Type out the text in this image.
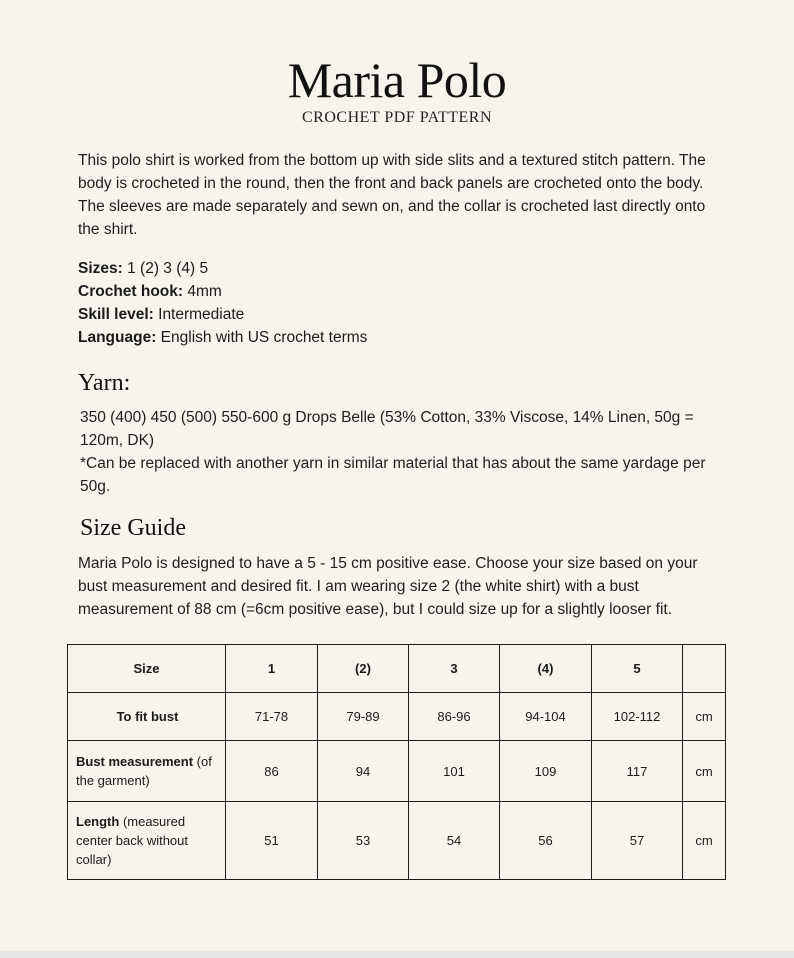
Maria Polo
CROCHET PDF PATTERN
This polo shirt is worked from the bottom up with side slits and a textured stitch pattern. The body is crocheted in the round, then the front and back panels are crocheted onto the body. The sleeves are made separately and sewn on, and the collar is crocheted last directly onto the shirt.
Sizes: 1 (2) 3 (4) 5
Crochet hook: 4mm
Skill level: Intermediate
Language: English with US crochet terms
Yarn:
350 (400) 450 (500) 550-600 g Drops Belle (53% Cotton, 33% Viscose, 14% Linen, 50g = 120m, DK)
*Can be replaced with another yarn in similar material that has about the same yardage per 50g.
Size Guide
Maria Polo is designed to have a 5 - 15 cm positive ease. Choose your size based on your bust measurement and desired fit. I am wearing size 2 (the white shirt) with a bust measurement of 88 cm (=6cm positive ease), but I could size up for a slightly looser fit.
Size	1	(2)	3	(4)	5	
To fit bust	71-78	79-89	86-96	94-104	102-112	cm
Bust measurement (of the garment)	86	94	101	109	117	cm
Length (measured center back without collar)	51	53	54	56	57	cm
